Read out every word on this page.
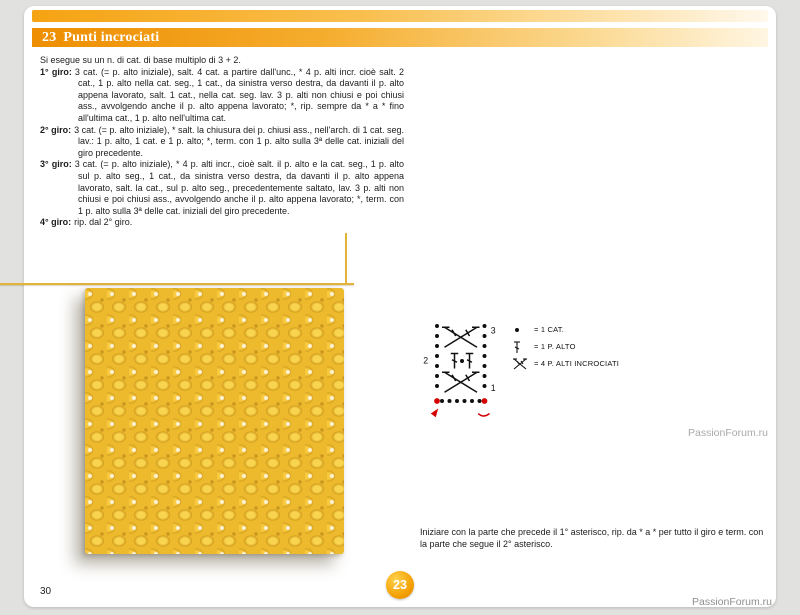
23 Punti incrociati

Si esegue su un n. di cat. di base multiplo di 3 + 2.

1° giro: 3 cat. (= p. alto iniziale), salt. 4 cat. a partire dall'unc., * 4 p. alti incr. cioè salt. 2 cat., 1 p. alto nella cat. seg., 1 cat., da sinistra verso destra, da davanti il p. alto appena lavorato, salt. 1 cat., nella cat. seg. lav. 3 p. alti non chiusi e poi chiusi ass., avvolgendo anche il p. alto appena lavorato; *, rip. sempre da * a * fino all'ultima cat., 1 p. alto nell'ultima cat.

2° giro: 3 cat. (= p. alto iniziale), * salt. la chiusura dei p. chiusi ass., nell'arch. di 1 cat. seg. lav.: 1 p. alto, 1 cat. e 1 p. alto; *, term. con 1 p. alto sulla 3ª delle cat. iniziali del giro precedente.

3° giro: 3 cat. (= p. alto iniziale), * 4 p. alti incr., cioè salt. il p. alto e la cat. seg., 1 p. alto sul p. alto seg., 1 cat., da sinistra verso destra, da davanti il p. alto appena lavorato, salt. la cat., sul p. alto seg., precedentemente saltato, lav. 3 p. alti non chiusi e poi chiusi ass., avvolgendo anche il p. alto appena lavorato; *, term. con 1 p. alto sulla 3ª delle cat. iniziali del giro precedente.

4° giro: rip. dal 2° giro.

3
2
1
= 1 CAT.
= 1 P. ALTO
= 4 P. ALTI INCROCIATI
Iniziare con la parte che precede il 1° asterisco, rip. da * a * per tutto il giro e term. con la parte che segue il 2° asterisco.
30	23
PassionForum.ru
PassionForum.ru
